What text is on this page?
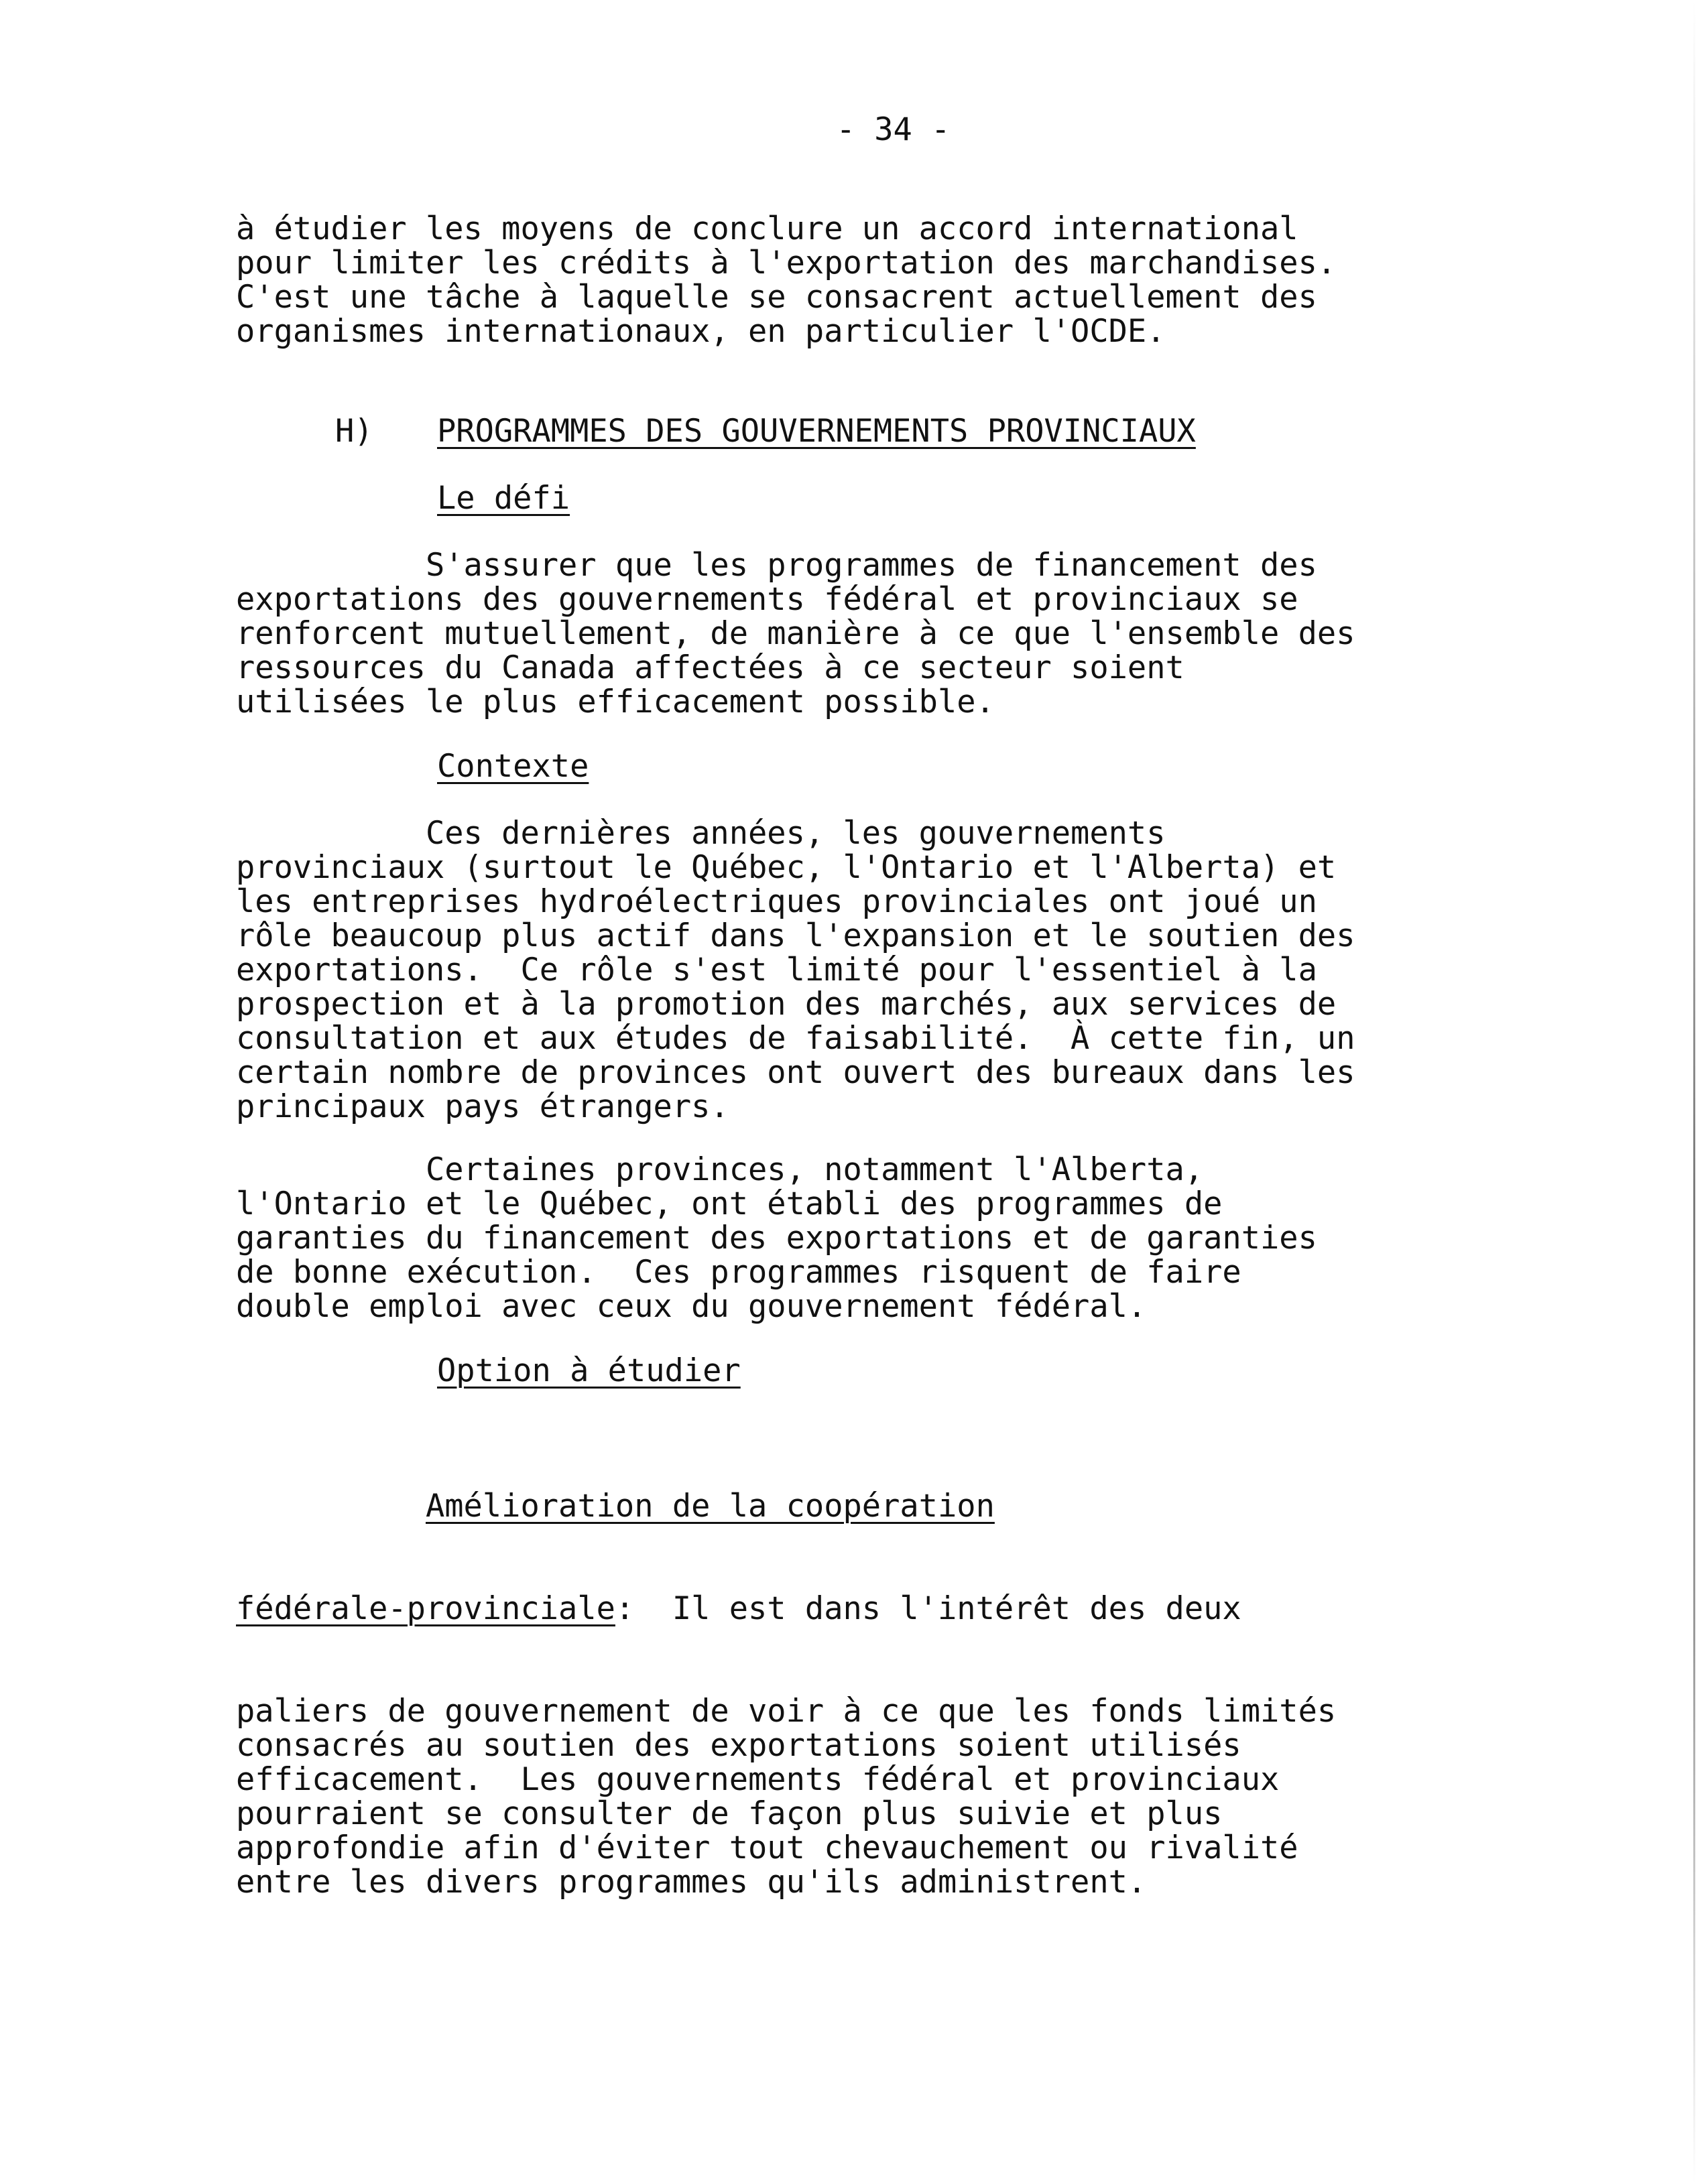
- 34 -

à étudier les moyens de conclure un accord international
pour limiter les crédits à l'exportation des marchandises.
C'est une tâche à laquelle se consacrent actuellement des
organismes internationaux, en particulier l'OCDE.

H) PROGRAMMES DES GOUVERNEMENTS PROVINCIAUX
Le défi

S'assurer que les programmes de financement des
exportations des gouvernements fédéral et provinciaux se
renforcent mutuellement, de manière à ce que l'ensemble des
ressources du Canada affectées à ce secteur soient
utilisées le plus efficacement possible.

Contexte

Ces dernières années, les gouvernements
provinciaux (surtout le Québec, l'Ontario et l'Alberta) et
les entreprises hydroélectriques provinciales ont joué un
rôle beaucoup plus actif dans l'expansion et le soutien des
exportations.  Ce rôle s'est limité pour l'essentiel à la
prospection et à la promotion des marchés, aux services de
consultation et aux études de faisabilité.  À cette fin, un
certain nombre de provinces ont ouvert des bureaux dans les
principaux pays étrangers.

Certaines provinces, notamment l'Alberta,
l'Ontario et le Québec, ont établi des programmes de
garanties du financement des exportations et de garanties
de bonne exécution.  Ces programmes risquent de faire
double emploi avec ceux du gouvernement fédéral.

Option à étudier

Amélioration de la coopération

fédérale-provinciale:  Il est dans l'intérêt des deux

paliers de gouvernement de voir à ce que les fonds limités
consacrés au soutien des exportations soient utilisés
efficacement.  Les gouvernements fédéral et provinciaux
pourraient se consulter de façon plus suivie et plus
approfondie afin d'éviter tout chevauchement ou rivalité
entre les divers programmes qu'ils administrent.
